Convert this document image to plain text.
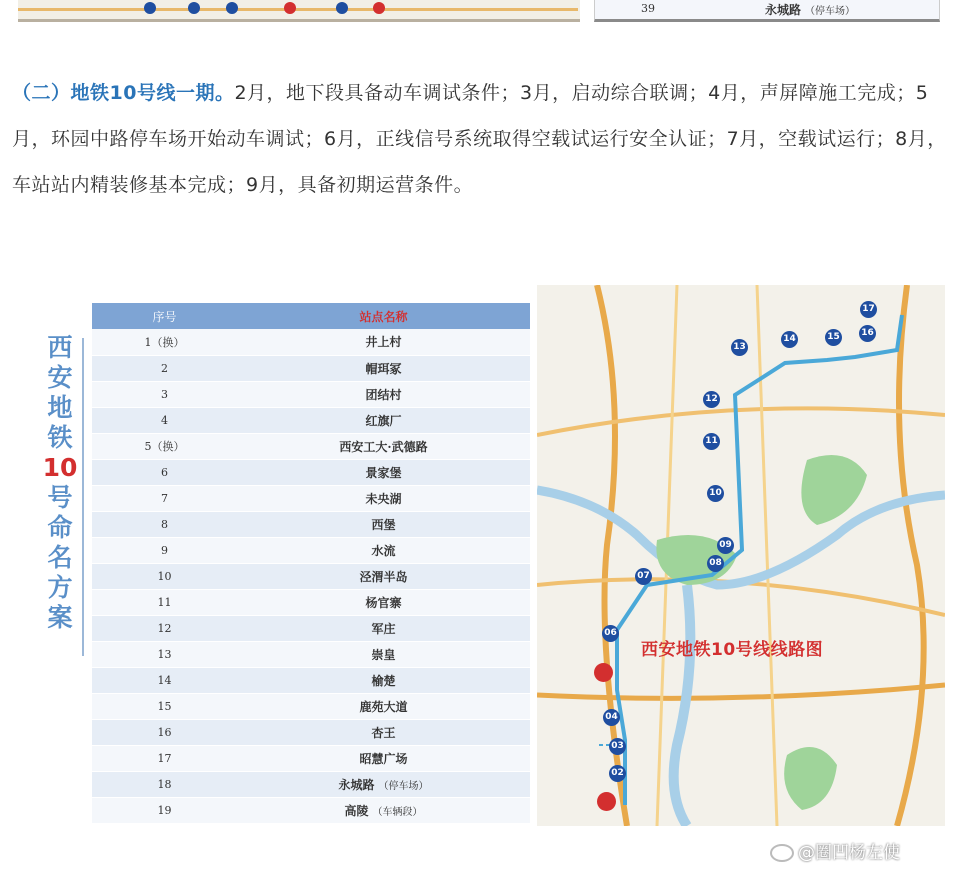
39	永城路 （停车场）

（二）地铁10号线一期。2月，地下段具备动车调试条件；3月，启动综合联调；4月，声屏障施工完成；5月，环园中路停车场开始动车调试；6月，正线信号系统取得空载试运行安全认证；7月，空载试运行；8月，车站站内精装修基本完成；9月，具备初期运营条件。

西安地铁
10
号命名方案
序号	站点名称
1（换）	井上村
2	帽珥冢
3	团结村
4	红旗厂
5（换）	西安工大·武德路
6	景家堡
7	未央湖
8	西堡
9	水流
10	泾渭半岛
11	杨官寨
12	军庄
13	崇皇
14	榆楚
15	鹿苑大道
16	杏王
17	昭慧广场
18	永城路 （停车场）
19	高陵 （车辆段）
02
03
04
06
07
08
09
10
11
12
13
14	15 16
17
西安地铁10号线线路图
@圈凹杨左使
